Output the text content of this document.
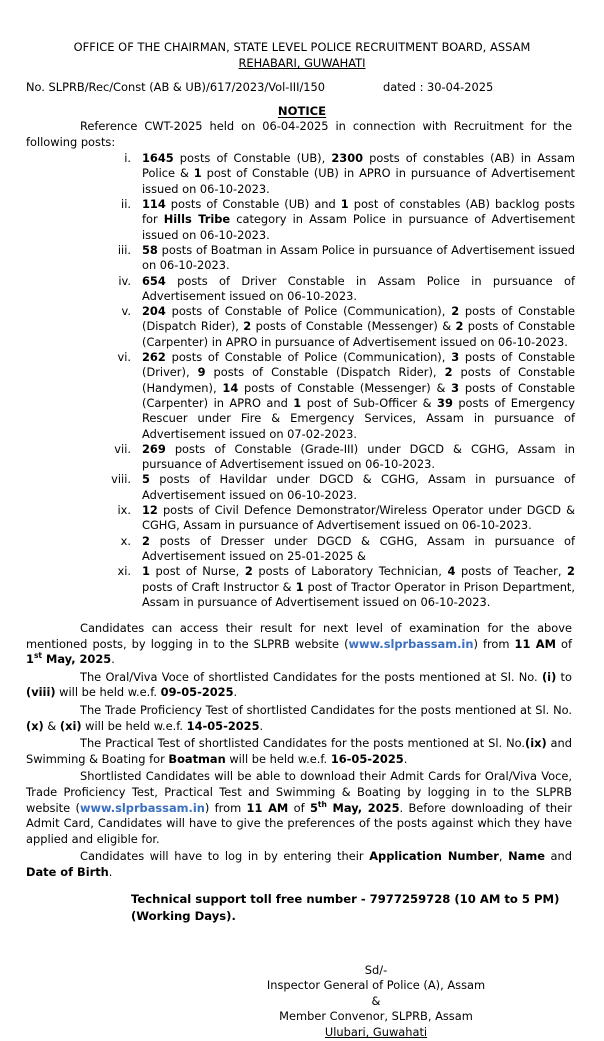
OFFICE OF THE CHAIRMAN, STATE LEVEL POLICE RECRUITMENT BOARD, ASSAM
REHABARI, GUWAHATI
No. SLPRB/Rec/Const (AB & UB)/617/2023/Vol-III/150	dated : 30-04-2025
NOTICE

Reference CWT-2025 held on 06-04-2025 in connection with Recruitment for the following posts:

i. 1645 posts of Constable (UB), 2300 posts of constables (AB) in Assam Police & 1 post of Constable (UB) in APRO in pursuance of Advertisement issued on 06-10-2023.
ii. 114 posts of Constable (UB) and 1 post of constables (AB) backlog posts for Hills Tribe category in Assam Police in pursuance of Advertisement issued on 06-10-2023.
iii. 58 posts of Boatman in Assam Police in pursuance of Advertisement issued on 06-10-2023.
iv. 654 posts of Driver Constable in Assam Police in pursuance of Advertisement issued on 06-10-2023.
v. 204 posts of Constable of Police (Communication), 2 posts of Constable (Dispatch Rider), 2 posts of Constable (Messenger) & 2 posts of Constable (Carpenter) in APRO in pursuance of Advertisement issued on 06-10-2023.
vi. 262 posts of Constable of Police (Communication), 3 posts of Constable (Driver), 9 posts of Constable (Dispatch Rider), 2 posts of Constable (Handymen), 14 posts of Constable (Messenger) & 3 posts of Constable (Carpenter) in APRO and 1 post of Sub-Officer & 39 posts of Emergency Rescuer under Fire & Emergency Services, Assam in pursuance of Advertisement issued on 07-02-2023.
vii. 269 posts of Constable (Grade-III) under DGCD & CGHG, Assam in pursuance of Advertisement issued on 06-10-2023.
viii. 5 posts of Havildar under DGCD & CGHG, Assam in pursuance of Advertisement issued on 06-10-2023.
ix. 12 posts of Civil Defence Demonstrator/Wireless Operator under DGCD & CGHG, Assam in pursuance of Advertisement issued on 06-10-2023.
x. 2 posts of Dresser under DGCD & CGHG, Assam in pursuance of Advertisement issued on 25-01-2025 &
xi. 1 post of Nurse, 2 posts of Laboratory Technician, 4 posts of Teacher, 2 posts of Craft Instructor & 1 post of Tractor Operator in Prison Department, Assam in pursuance of Advertisement issued on 06-10-2023.

Candidates can access their result for next level of examination for the above mentioned posts, by logging in to the SLPRB website (www.slprbassam.in) from 11 AM of 1st May, 2025.

The Oral/Viva Voce of shortlisted Candidates for the posts mentioned at Sl. No. (i) to (viii) will be held w.e.f. 09-05-2025.

The Trade Proficiency Test of shortlisted Candidates for the posts mentioned at Sl. No. (x) & (xi) will be held w.e.f. 14-05-2025.

The Practical Test of shortlisted Candidates for the posts mentioned at Sl. No.(ix) and Swimming & Boating for Boatman will be held w.e.f. 16-05-2025.

Shortlisted Candidates will be able to download their Admit Cards for Oral/Viva Voce, Trade Proficiency Test, Practical Test and Swimming & Boating by logging in to the SLPRB website (www.slprbassam.in) from 11 AM of 5th May, 2025. Before downloading of their Admit Card, Candidates will have to give the preferences of the posts against which they have applied and eligible for.

Candidates will have to log in by entering their Application Number, Name and Date of Birth.

Technical support toll free number - 7977259728 (10 AM to 5 PM)
(Working Days).
Sd/-
Inspector General of Police (A), Assam
&
Member Convenor, SLPRB, Assam
Ulubari, Guwahati
